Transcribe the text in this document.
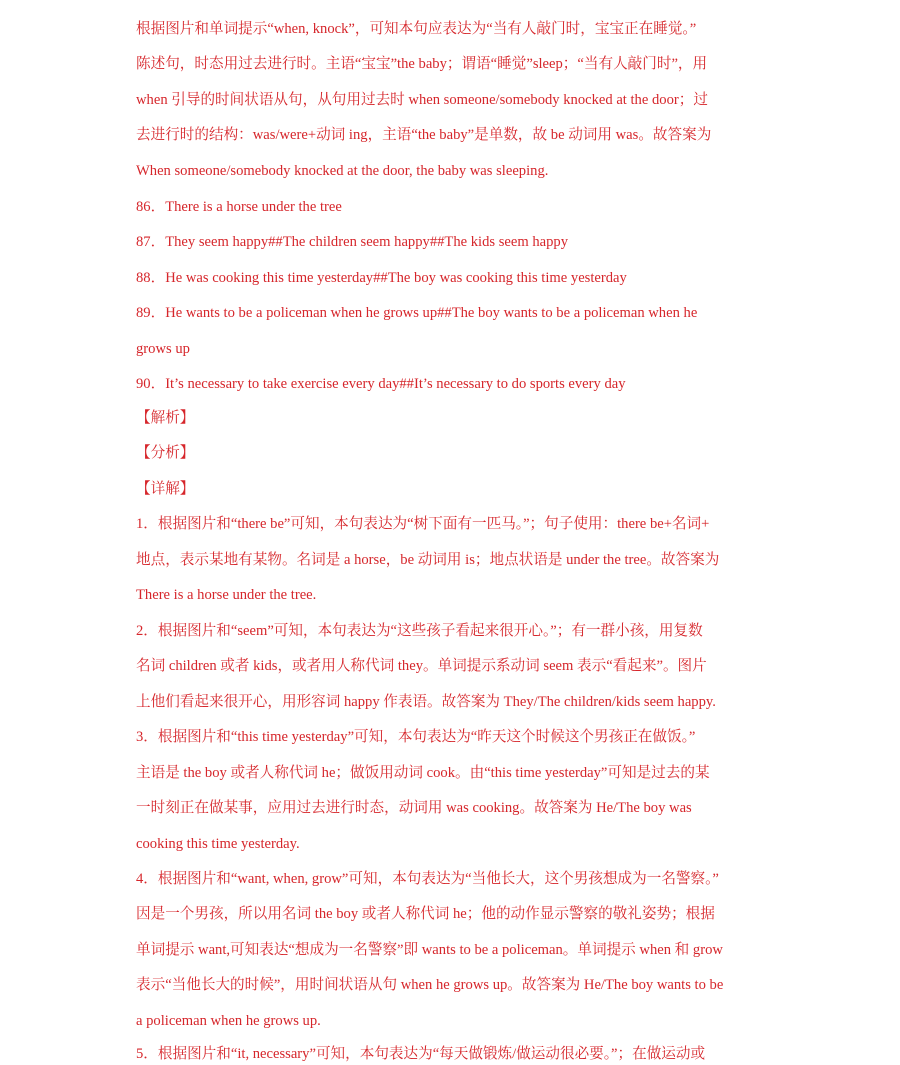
根据图片和单词提示“when, knock”，可知本句应表达为“当有人敲门时，宝宝正在睡觉。”
陈述句，时态用过去进行时。主语“宝宝”the baby；谓语“睡觉”sleep；“当有人敲门时”，用
when 引导的时间状语从句，从句用过去时 when someone/somebody knocked at the door；过
去进行时的结构：was/were+动词 ing，主语“the baby”是单数，故 be 动词用 was。故答案为
When someone/somebody knocked at the door, the baby was sleeping.
86．There is a horse under the tree
87．They seem happy##The children seem happy##The kids seem happy
88．He was cooking this time yesterday##The boy was cooking this time yesterday
89．He wants to be a policeman when he grows up##The boy wants to be a policeman when he
grows up
90．It’s necessary to take exercise every day##It’s necessary to do sports every day
【解析】
【分析】
【详解】
1．根据图片和“there be”可知，本句表达为“树下面有一匹马。”；句子使用：there be+名词+
地点，表示某地有某物。名词是 a horse，be 动词用 is；地点状语是 under the tree。故答案为
There is a horse under the tree.
2．根据图片和“seem”可知，本句表达为“这些孩子看起来很开心。”；有一群小孩，用复数
名词 children 或者 kids，或者用人称代词 they。单词提示系动词 seem 表示“看起来”。图片
上他们看起来很开心，用形容词 happy 作表语。故答案为 They/The children/kids seem happy.
3．根据图片和“this time yesterday”可知，本句表达为“昨天这个时候这个男孩正在做饭。”
主语是 the boy 或者人称代词 he；做饭用动词 cook。由“this time yesterday”可知是过去的某
一时刻正在做某事，应用过去进行时态，动词用 was cooking。故答案为 He/The boy was
cooking this time yesterday.
4．根据图片和“want, when, grow”可知，本句表达为“当他长大，这个男孩想成为一名警察。”
因是一个男孩，所以用名词 the boy 或者人称代词 he；他的动作显示警察的敬礼姿势；根据
单词提示 want,可知表达“想成为一名警察”即 wants to be a policeman。单词提示 when 和 grow
表示“当他长大的时候”，用时间状语从句 when he grows up。故答案为 He/The boy wants to be
a policeman when he grows up.
5．根据图片和“it, necessary”可知，本句表达为“每天做锻炼/做运动很必要。”；在做运动或
